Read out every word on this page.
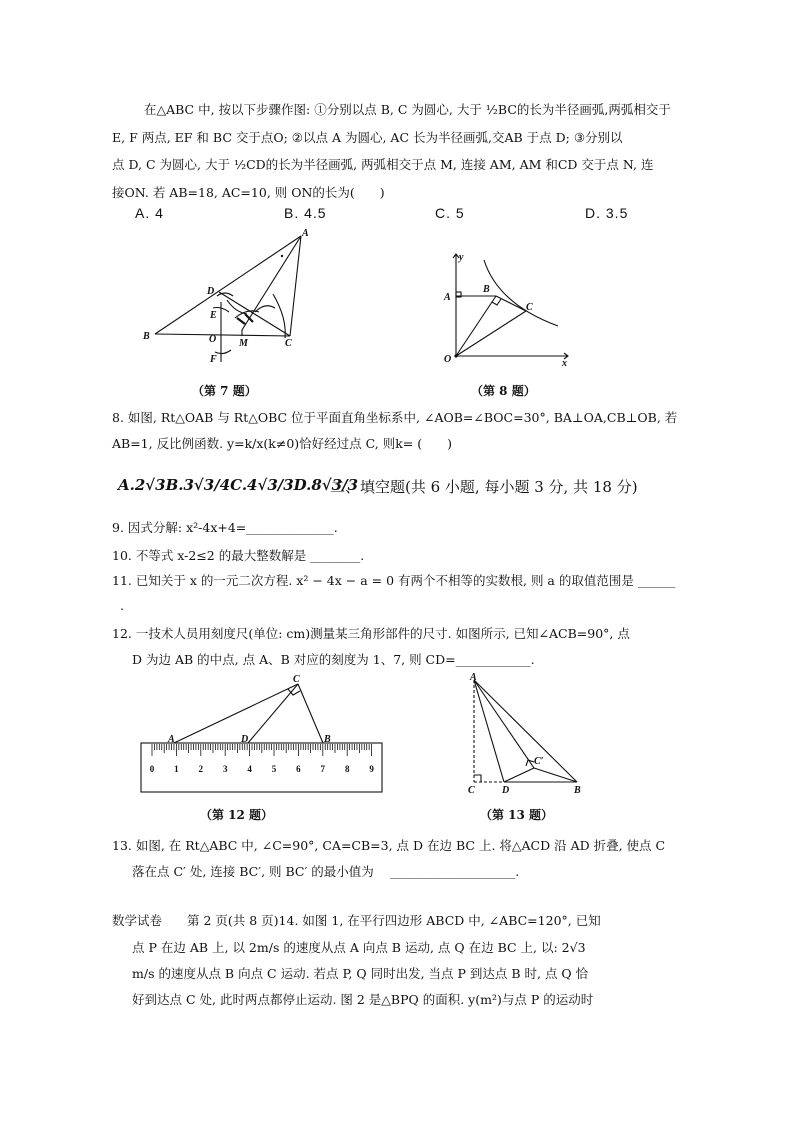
在△ABC 中, 按以下步骤作图: ①分别以点 B, C 为圆心, 大于 ½BC的长为半径画弧,两弧相交于
E, F 两点, EF 和 BC 交于点O; ②以点 A 为圆心, AC 长为半径画弧,交AB 于点 D; ③分别以
点 D, C 为圆心, 大于 ½CD的长为半径画弧, 两弧相交于点 M, 连接 AM, AM 和CD 交于点 N, 连
接ON. 若 AB=18, AC=10, 则 ON的长为(　　)
A. 4	B. 4.5	C. 5	D. 3.5
A
B
C
D
E
F
O M
（第 7 题）
y
x
A
B
C
O
（第 8 题）
8. 如图, Rt△OAB 与 Rt△OBC 位于平面直角坐标系中, ∠AOB=∠BOC=30°, BA⊥OA,CB⊥OB, 若
AB=1, 反比例函数. y=k/x(k≠0)恰好经过点 C, 则k= (　　)
A.2√3B.3√3/4C.4√3/3D.8√3/3
二、填空题(共 6 小题, 每小题 3 分, 共 18 分)
9. 因式分解: x²-4x+4=______________.
10. 不等式 x-2≤2 的最大整数解是 ________.
11. 已知关于 x 的一元二次方程. x² − 4x − a = 0 有两个不相等的实数根, 则 a 的取值范围是 ______
.
12. 一技术人员用刻度尺(单位: cm)测量某三角形部件的尺寸. 如图所示, 已知∠ACB=90°, 点
D 为边 AB 的中点, 点 A、B 对应的刻度为 1、7, 则 CD=____________.
0 1 2 3 4 5 6 7 8 9
A	B
C
D
（第 12 题）
A
B
C	D
C′
（第 13 题）
13. 如图, 在 Rt△ABC 中, ∠C=90°, CA=CB=3, 点 D 在边 BC 上. 将△ACD 沿 AD 折叠, 使点 C
落在点 C′ 处, 连接 BC′, 则 BC′ 的最小值为　 ____________________.
数学试卷　　第 2 页(共 8 页)14. 如图 1, 在平行四边形 ABCD 中, ∠ABC=120°, 已知
点 P 在边 AB 上, 以 2m/s 的速度从点 A 向点 B 运动, 点 Q 在边 BC 上, 以: 2√3
m/s 的速度从点 B 向点 C 运动. 若点 P, Q 同时出发, 当点 P 到达点 B 时, 点 Q 恰
好到达点 C 处, 此时两点都停止运动. 图 2 是△BPQ 的面积. y(m²)与点 P 的运动时
